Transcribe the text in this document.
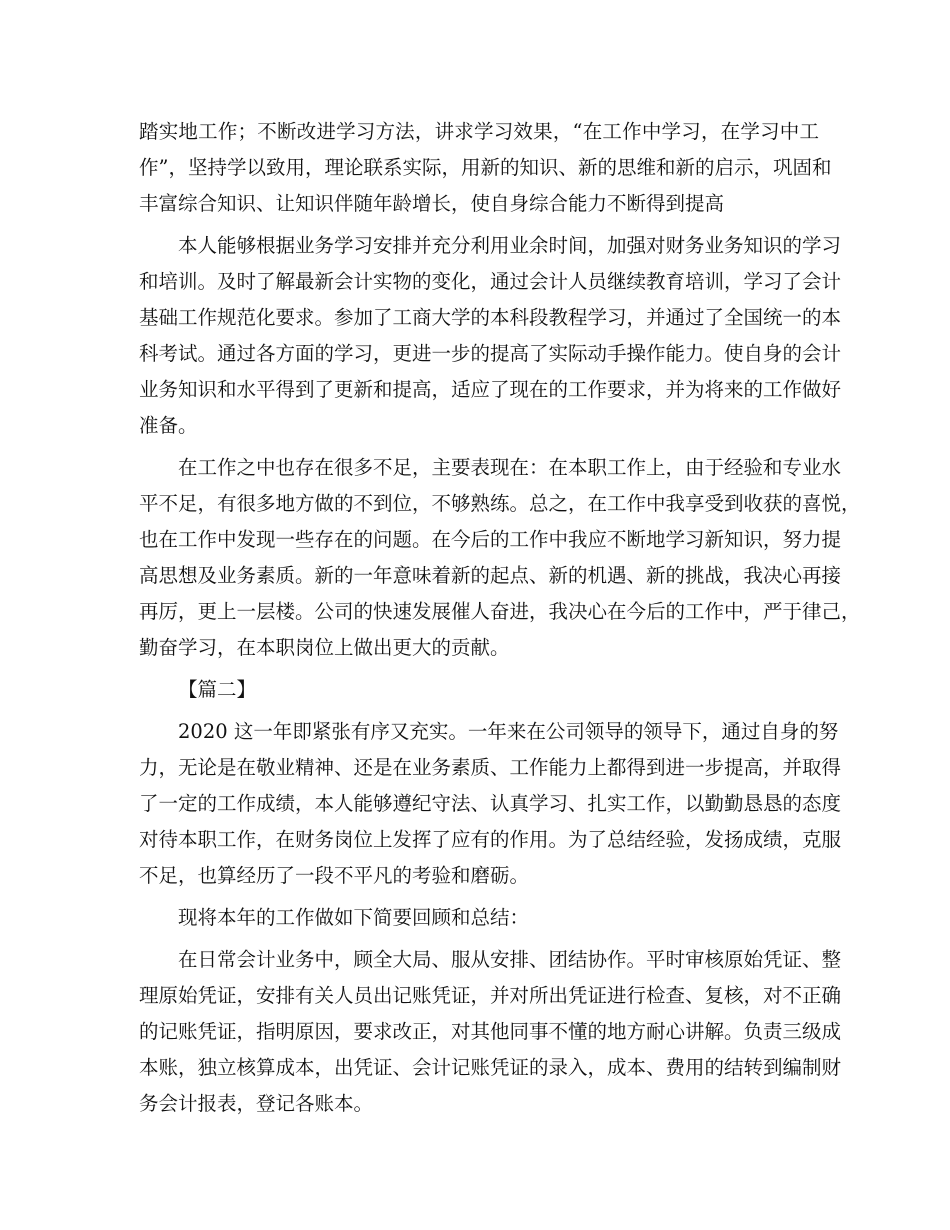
踏实地工作；不断改进学习方法，讲求学习效果，“在工作中学习，在学习中工
作”，坚持学以致用，理论联系实际，用新的知识、新的思维和新的启示，巩固和
丰富综合知识、让知识伴随年龄增长，使自身综合能力不断得到提高
本人能够根据业务学习安排并充分利用业余时间，加强对财务业务知识的学习
和培训。及时了解最新会计实物的变化，通过会计人员继续教育培训，学习了会计
基础工作规范化要求。参加了工商大学的本科段教程学习，并通过了全国统一的本
科考试。通过各方面的学习，更进一步的提高了实际动手操作能力。使自身的会计
业务知识和水平得到了更新和提高，适应了现在的工作要求，并为将来的工作做好
准备。
在工作之中也存在很多不足，主要表现在：在本职工作上，由于经验和专业水
平不足，有很多地方做的不到位，不够熟练。总之，在工作中我享受到收获的喜悦，
也在工作中发现一些存在的问题。在今后的工作中我应不断地学习新知识，努力提
高思想及业务素质。新的一年意味着新的起点、新的机遇、新的挑战，我决心再接
再厉，更上一层楼。公司的快速发展催人奋进，我决心在今后的工作中，严于律己，
勤奋学习，在本职岗位上做出更大的贡献。
【篇二】
2020 这一年即紧张有序又充实。一年来在公司领导的领导下，通过自身的努
力，无论是在敬业精神、还是在业务素质、工作能力上都得到进一步提高，并取得
了一定的工作成绩，本人能够遵纪守法、认真学习、扎实工作，以勤勤恳恳的态度
对待本职工作，在财务岗位上发挥了应有的作用。为了总结经验，发扬成绩，克服
不足，也算经历了一段不平凡的考验和磨砺。
现将本年的工作做如下简要回顾和总结：
在日常会计业务中，顾全大局、服从安排、团结协作。平时审核原始凭证、整
理原始凭证，安排有关人员出记账凭证，并对所出凭证进行检查、复核，对不正确
的记账凭证，指明原因，要求改正，对其他同事不懂的地方耐心讲解。负责三级成
本账，独立核算成本，出凭证、会计记账凭证的录入，成本、费用的结转到编制财
务会计报表，登记各账本。
